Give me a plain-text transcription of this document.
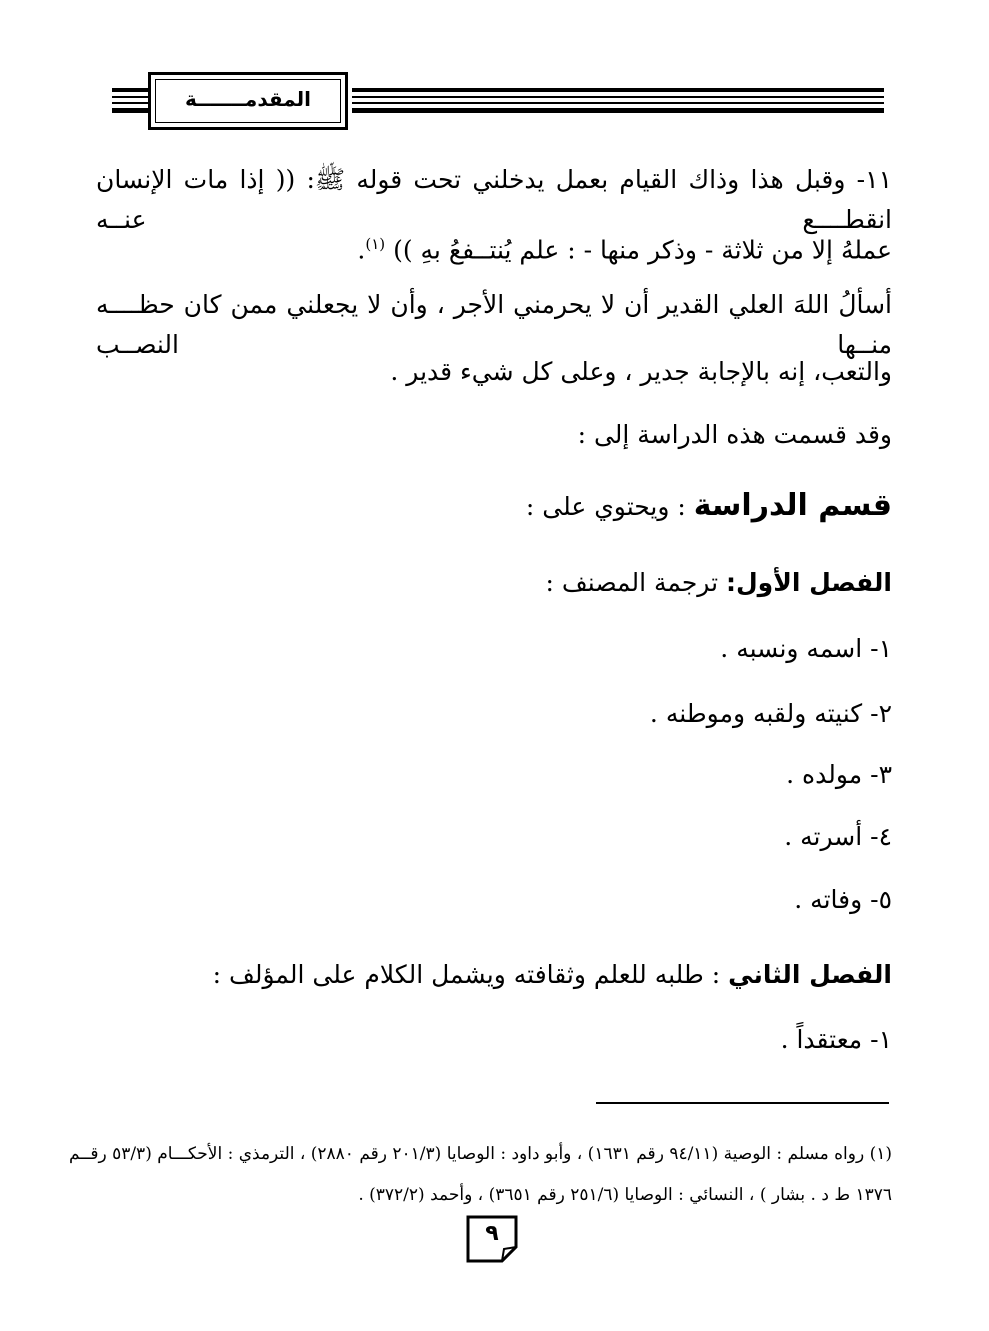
المقدمـــــــة
١١- وقبل هذا وذاك القيام بعمل يدخلني تحت قوله ﷺ: (( إذا مات الإنسان انقطــــع عنــه
عملهُ إلا من ثلاثة - وذكر منها - : علم يُنتــفعُ بهِ )) $^{(١)}$.
أسألُ اللهَ العلي القدير أن لا يحرمني الأجر ، وأن لا يجعلني ممن كان حظــــه منــها النصــب
والتعب، إنه بالإجابة جدير ، وعلى كل شيء قدير .
وقد قسمت هذه الدراسة إلى :
قسم الدراسة : ويحتوي على :
الفصل الأول: ترجمة المصنف :
١- اسمه ونسبه .
٢- كنيته ولقبه وموطنه .
٣- مولده .
٤- أسرته .
٥- وفاته .
الفصل الثاني : طلبه للعلم وثقافته ويشمل الكلام على المؤلف :
١- معتقداً .
(١) رواه مسلم : الوصية (٩٤/١١ رقم ١٦٣١) ، وأبو داود : الوصايا (٢٠١/٣ رقم ٢٨٨٠) ، الترمذي : الأحكـــام (٥٣/٣ رقــم
١٣٧٦ ط د . بشار ) ، النسائي : الوصايا (٢٥١/٦ رقم ٣٦٥١) ، وأحمد (٣٧٢/٢) .
٩
